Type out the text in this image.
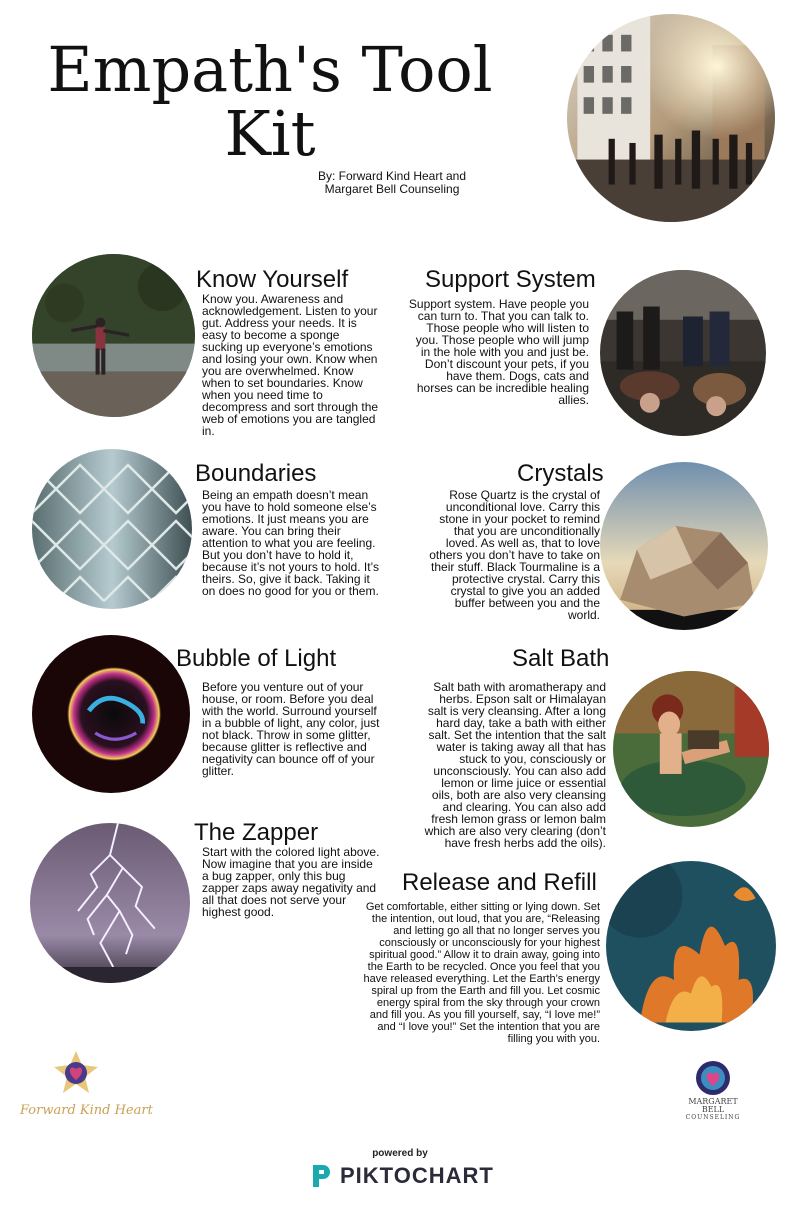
Empath's Tool Kit
By: Forward Kind Heart and Margaret Bell Counseling
Know Yourself
Know you. Awareness and acknowledgement. Listen to your gut. Address your needs. It is easy to become a sponge sucking up everyone’s emotions and losing your own. Know when you are overwhelmed. Know when to set boundaries. Know when you need time to decompress and sort through the web of emotions you are tangled in.
Support System
Support system. Have people you can turn to. That you can talk to. Those people who will listen to you. Those people who will jump in the hole with you and just be. Don’t discount your pets, if you have them. Dogs, cats and horses can be incredible healing allies.
Boundaries
Being an empath doesn’t mean you have to hold someone else’s emotions. It just means you are aware. You can bring their attention to what you are feeling. But you don’t have to hold it, because it’s not yours to hold. It’s theirs. So, give it back. Taking it on does no good for you or them.
Crystals
Rose Quartz is the crystal of unconditional love. Carry this stone in your pocket to remind that you are unconditionally loved. As well as, that to love others you don’t have to take on their stuff. Black Tourmaline is a protective crystal. Carry this crystal to give you an added buffer between you and the world.
Bubble of Light
Before you venture out of your house, or room. Before you deal with the world. Surround yourself in a bubble of light, any color, just not black. Throw in some glitter, because glitter is reflective and negativity can bounce off of your glitter.
Salt Bath
Salt bath with aromatherapy and herbs. Epson salt or Himalayan salt is very cleansing. After a long hard day, take a bath with either salt. Set the intention that the salt water is taking away all that has stuck to you, consciously or unconsciously. You can also add lemon or lime juice or essential oils, both are also very cleansing and clearing. You can also add fresh lemon grass or lemon balm which are also very clearing (don’t have fresh herbs add the oils).
The Zapper
Start with the colored light above. Now imagine that you are inside a bug zapper, only this bug zapper zaps away negativity and all that does not serve your highest good.
Release and Refill
Get comfortable, either sitting or lying down. Set the intention, out loud, that you are, “Releasing and letting go all that no longer serves you consciously or unconsciously for your highest spiritual good.” Allow it to drain away, going into the Earth to be recycled. Once you feel that you have released everything. Let the Earth’s energy spiral up from the Earth and fill you. Let cosmic energy spiral from the sky through your crown and fill you. As you fill yourself, say, “I love me!” and “I love you!” Set the intention that you are filling you with you.
Forward Kind Heart
MARGARET BELL
COUNSELING
powered by
PIKTOCHART
